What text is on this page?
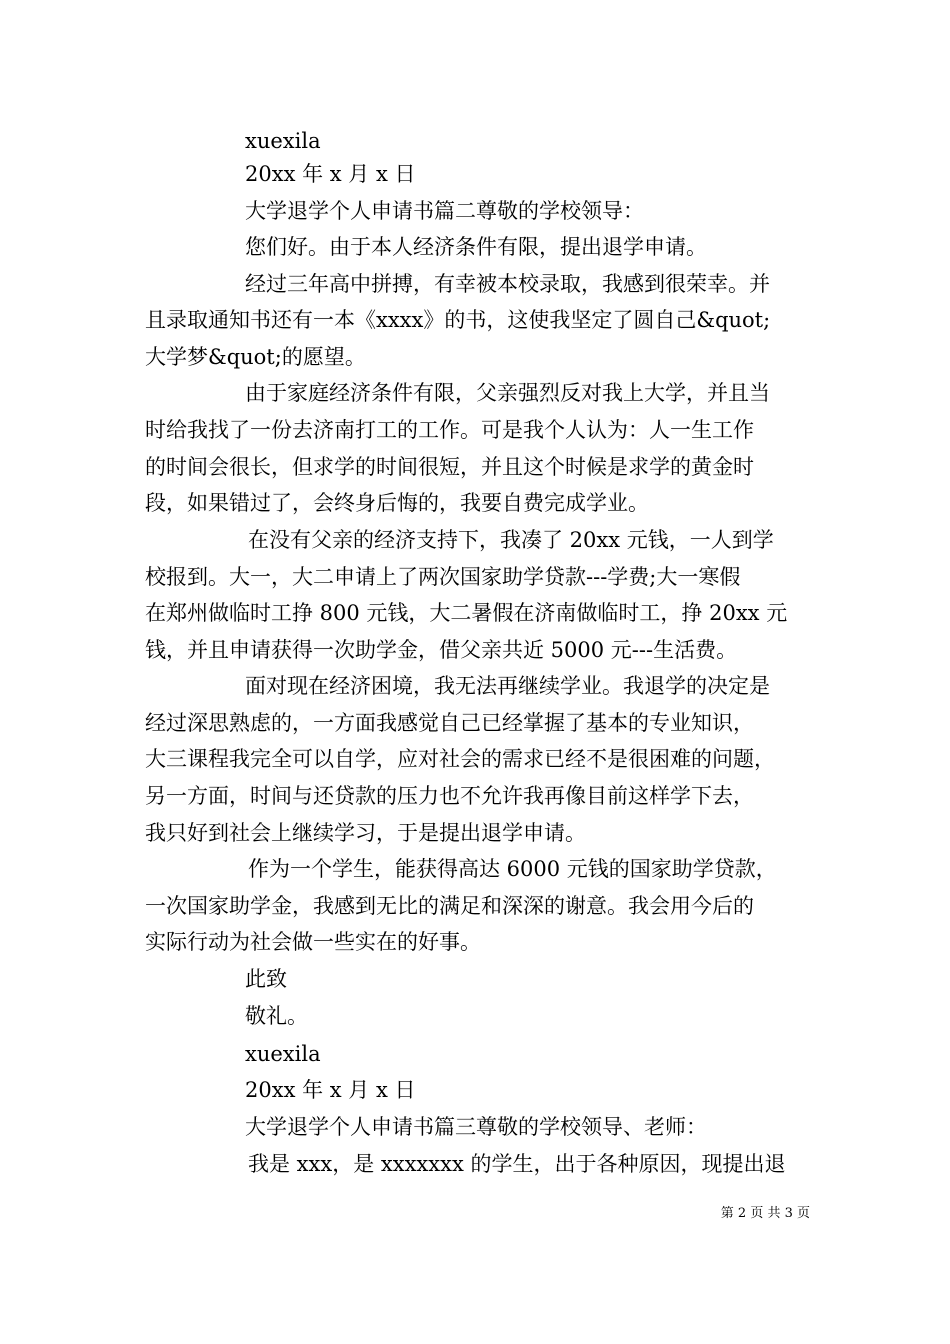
xuexila
20xx 年 x 月 x 日
大学退学个人申请书篇二尊敬的学校领导：
您们好。由于本人经济条件有限，提出退学申请。
经过三年高中拼搏，有幸被本校录取，我感到很荣幸。并
且录取通知书还有一本《xxxx》的书，这使我坚定了圆自己&quot;
大学梦&quot;的愿望。
由于家庭经济条件有限，父亲强烈反对我上大学，并且当
时给我找了一份去济南打工的工作。可是我个人认为：人一生工作
的时间会很长，但求学的时间很短，并且这个时候是求学的黄金时
段，如果错过了，会终身后悔的，我要自费完成学业。
在没有父亲的经济支持下，我凑了 20xx 元钱，一人到学
校报到。大一，大二申请上了两次国家助学贷款---学费;大一寒假
在郑州做临时工挣 800 元钱，大二暑假在济南做临时工，挣 20xx 元
钱，并且申请获得一次助学金，借父亲共近 5000 元---生活费。
面对现在经济困境，我无法再继续学业。我退学的决定是
经过深思熟虑的，一方面我感觉自己已经掌握了基本的专业知识，
大三课程我完全可以自学，应对社会的需求已经不是很困难的问题，
另一方面，时间与还贷款的压力也不允许我再像目前这样学下去，
我只好到社会上继续学习，于是提出退学申请。
作为一个学生，能获得高达 6000 元钱的国家助学贷款，
一次国家助学金，我感到无比的满足和深深的谢意。我会用今后的
实际行动为社会做一些实在的好事。
此致
敬礼。
xuexila
20xx 年 x 月 x 日
大学退学个人申请书篇三尊敬的学校领导、老师：
我是 xxx，是 xxxxxxx 的学生，出于各种原因，现提出退
第 2 页 共 3 页
